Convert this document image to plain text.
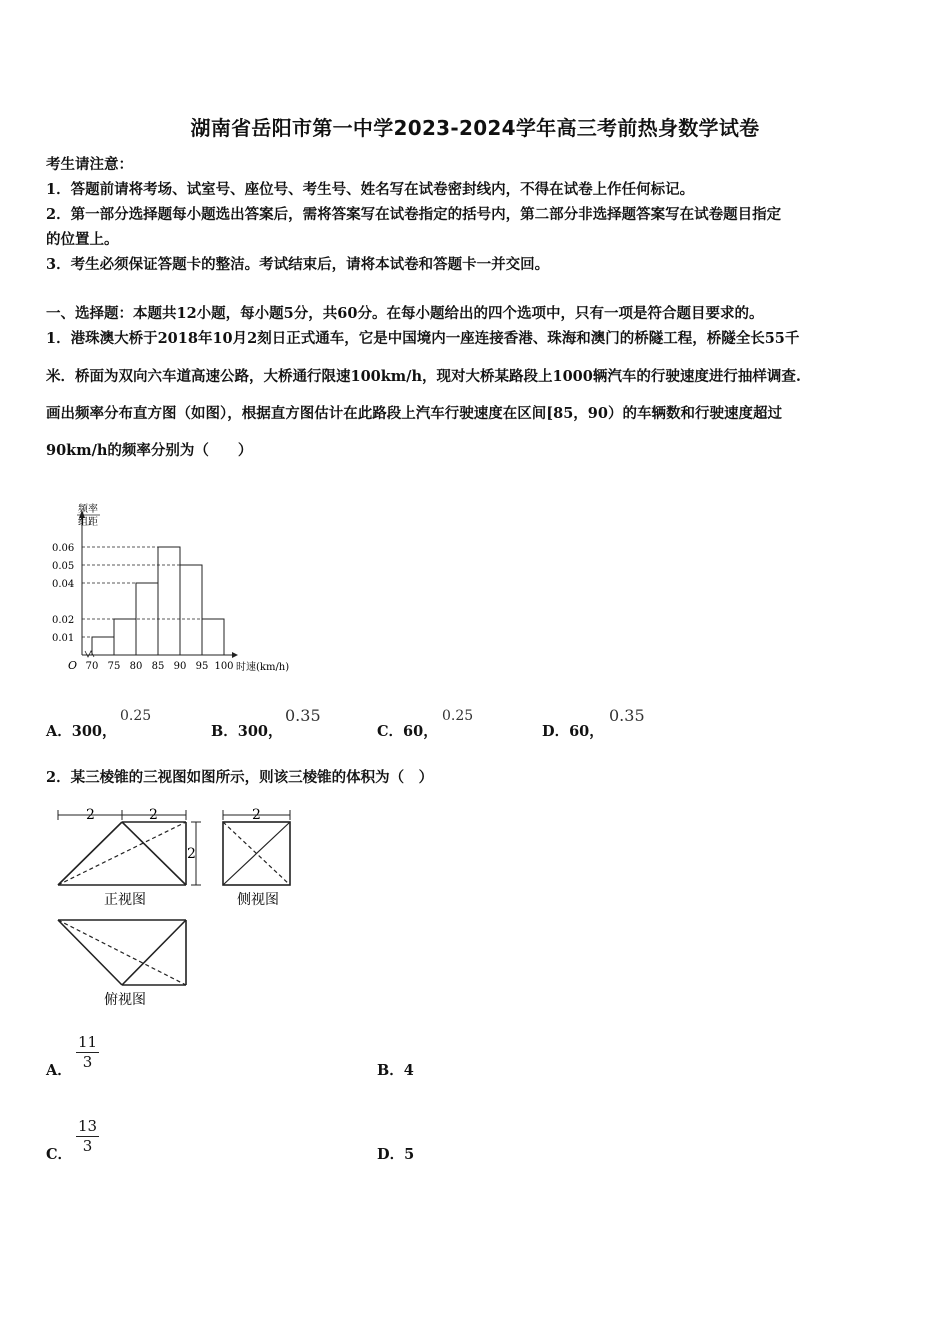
湖南省岳阳市第一中学2023-2024学年高三考前热身数学试卷
考生请注意：
1．答题前请将考场、试室号、座位号、考生号、姓名写在试卷密封线内，不得在试卷上作任何标记。
2．第一部分选择题每小题选出答案后，需将答案写在试卷指定的括号内，第二部分非选择题答案写在试卷题目指定
的位置上。
3．考生必须保证答题卡的整洁。考试结束后，请将本试卷和答题卡一并交回。
一、选择题：本题共12小题，每小题5分，共60分。在每小题给出的四个选项中，只有一项是符合题目要求的。
1．港珠澳大桥于2018年10月2刻日正式通车，它是中国境内一座连接香港、珠海和澳门的桥隧工程，桥隧全长55千
米．桥面为双向六车道高速公路，大桥通行限速100km/h，现对大桥某路段上1000辆汽车的行驶速度进行抽样调查.
画出频率分布直方图（如图），根据直方图估计在此路段上汽车行驶速度在区间[85，90）的车辆数和行驶速度超过
90km/h的频率分别为（　　）
频率
组距
0.01
0.02
0.04
0.05
0.06
70 75 80 85 90 95 100
O	时速(km/h)
A．300，
0.25
B．300，
0.35
C．60，
0.25
D．60，
0.35
2．某三棱锥的三视图如图所示，则该三棱锥的体积为（　）
2	2
2
正视图
2
侧视图
俯视图
A． $\frac{11}{3}$	B．4
C． $\frac{13}{3}$	D．5
